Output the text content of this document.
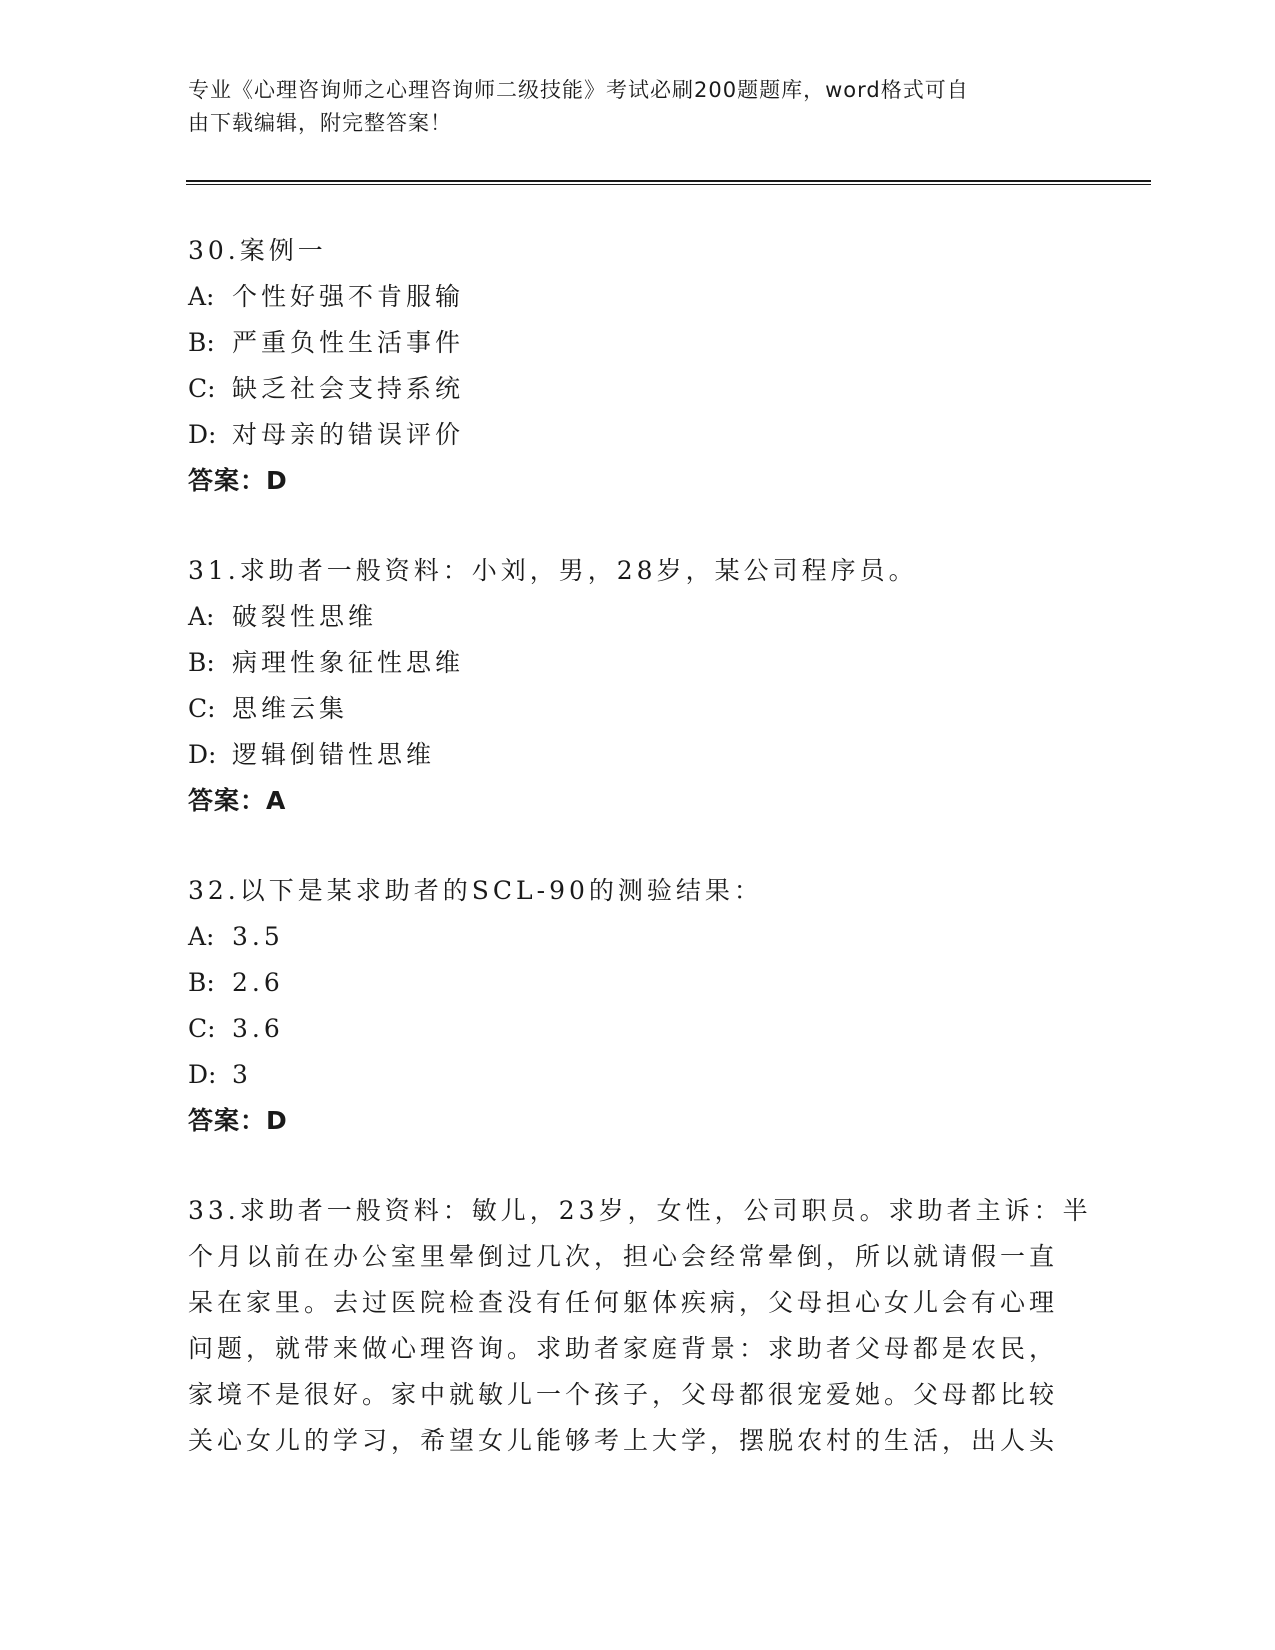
专业《心理咨询师之心理咨询师二级技能》考试必刷200题题库，word格式可自
由下载编辑，附完整答案！
30.案例一
A: 个性好强不肯服输
B: 严重负性生活事件
C: 缺乏社会支持系统
D: 对母亲的错误评价
答案：D
31.求助者一般资料：小刘，男，28岁，某公司程序员。
A: 破裂性思维
B: 病理性象征性思维
C: 思维云集
D: 逻辑倒错性思维
答案：A
32.以下是某求助者的SCL-90的测验结果：
A: 3.5
B: 2.6
C: 3.6
D: 3
答案：D
33.求助者一般资料：敏儿，23岁，女性，公司职员。求助者主诉：半
个月以前在办公室里晕倒过几次，担心会经常晕倒，所以就请假一直
呆在家里。去过医院检查没有任何躯体疾病，父母担心女儿会有心理
问题，就带来做心理咨询。求助者家庭背景：求助者父母都是农民，
家境不是很好。家中就敏儿一个孩子，父母都很宠爱她。父母都比较
关心女儿的学习，希望女儿能够考上大学，摆脱农村的生活，出人头
